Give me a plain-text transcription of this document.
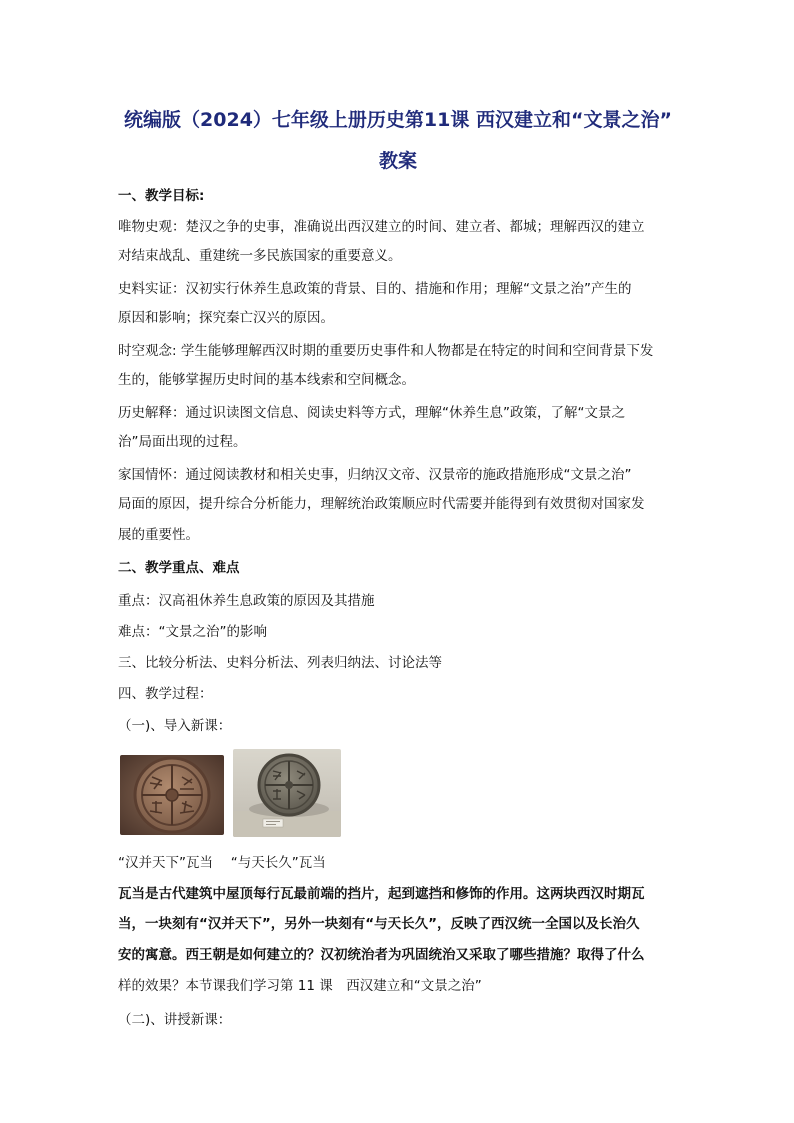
统编版（2024）七年级上册历史第11课 西汉建立和“文景之治”
教案
一、教学目标:
唯物史观：楚汉之争的史事，准确说出西汉建立的时间、建立者、都城；理解西汉的建立
对结束战乱、重建统一多民族国家的重要意义。
史料实证：汉初实行休养生息政策的背景、目的、措施和作用；理解“文景之治”产生的
原因和影响；探究秦亡汉兴的原因。
时空观念: 学生能够理解西汉时期的重要历史事件和人物都是在特定的时间和空间背景下发
生的，能够掌握历史时间的基本线索和空间概念。
历史解释：通过识读图文信息、阅读史料等方式，理解“休养生息”政策，了解“文景之
治”局面出现的过程。
家国情怀：通过阅读教材和相关史事，归纳汉文帝、汉景帝的施政措施形成“文景之治”
局面的原因，提升综合分析能力，理解统治政策顺应时代需要并能得到有效贯彻对国家发
展的重要性。
二、教学重点、难点
重点：汉高祖休养生息政策的原因及其措施
难点：“文景之治”的影响
三、比较分析法、史料分析法、列表归纳法、讨论法等
四、教学过程：
（一)、导入新课：
“汉并天下”瓦当　 “与天长久”瓦当
瓦当是古代建筑中屋顶每行瓦最前端的挡片，起到遮挡和修饰的作用。这两块西汉时期瓦
当，一块刻有“汉并天下”，另外一块刻有“与天长久”，反映了西汉统一全国以及长治久
安的寓意。西王朝是如何建立的？汉初统治者为巩固统治又采取了哪些措施？取得了什么
样的效果？本节课我们学习第 11 课　西汉建立和“文景之治”
（二)、讲授新课：
